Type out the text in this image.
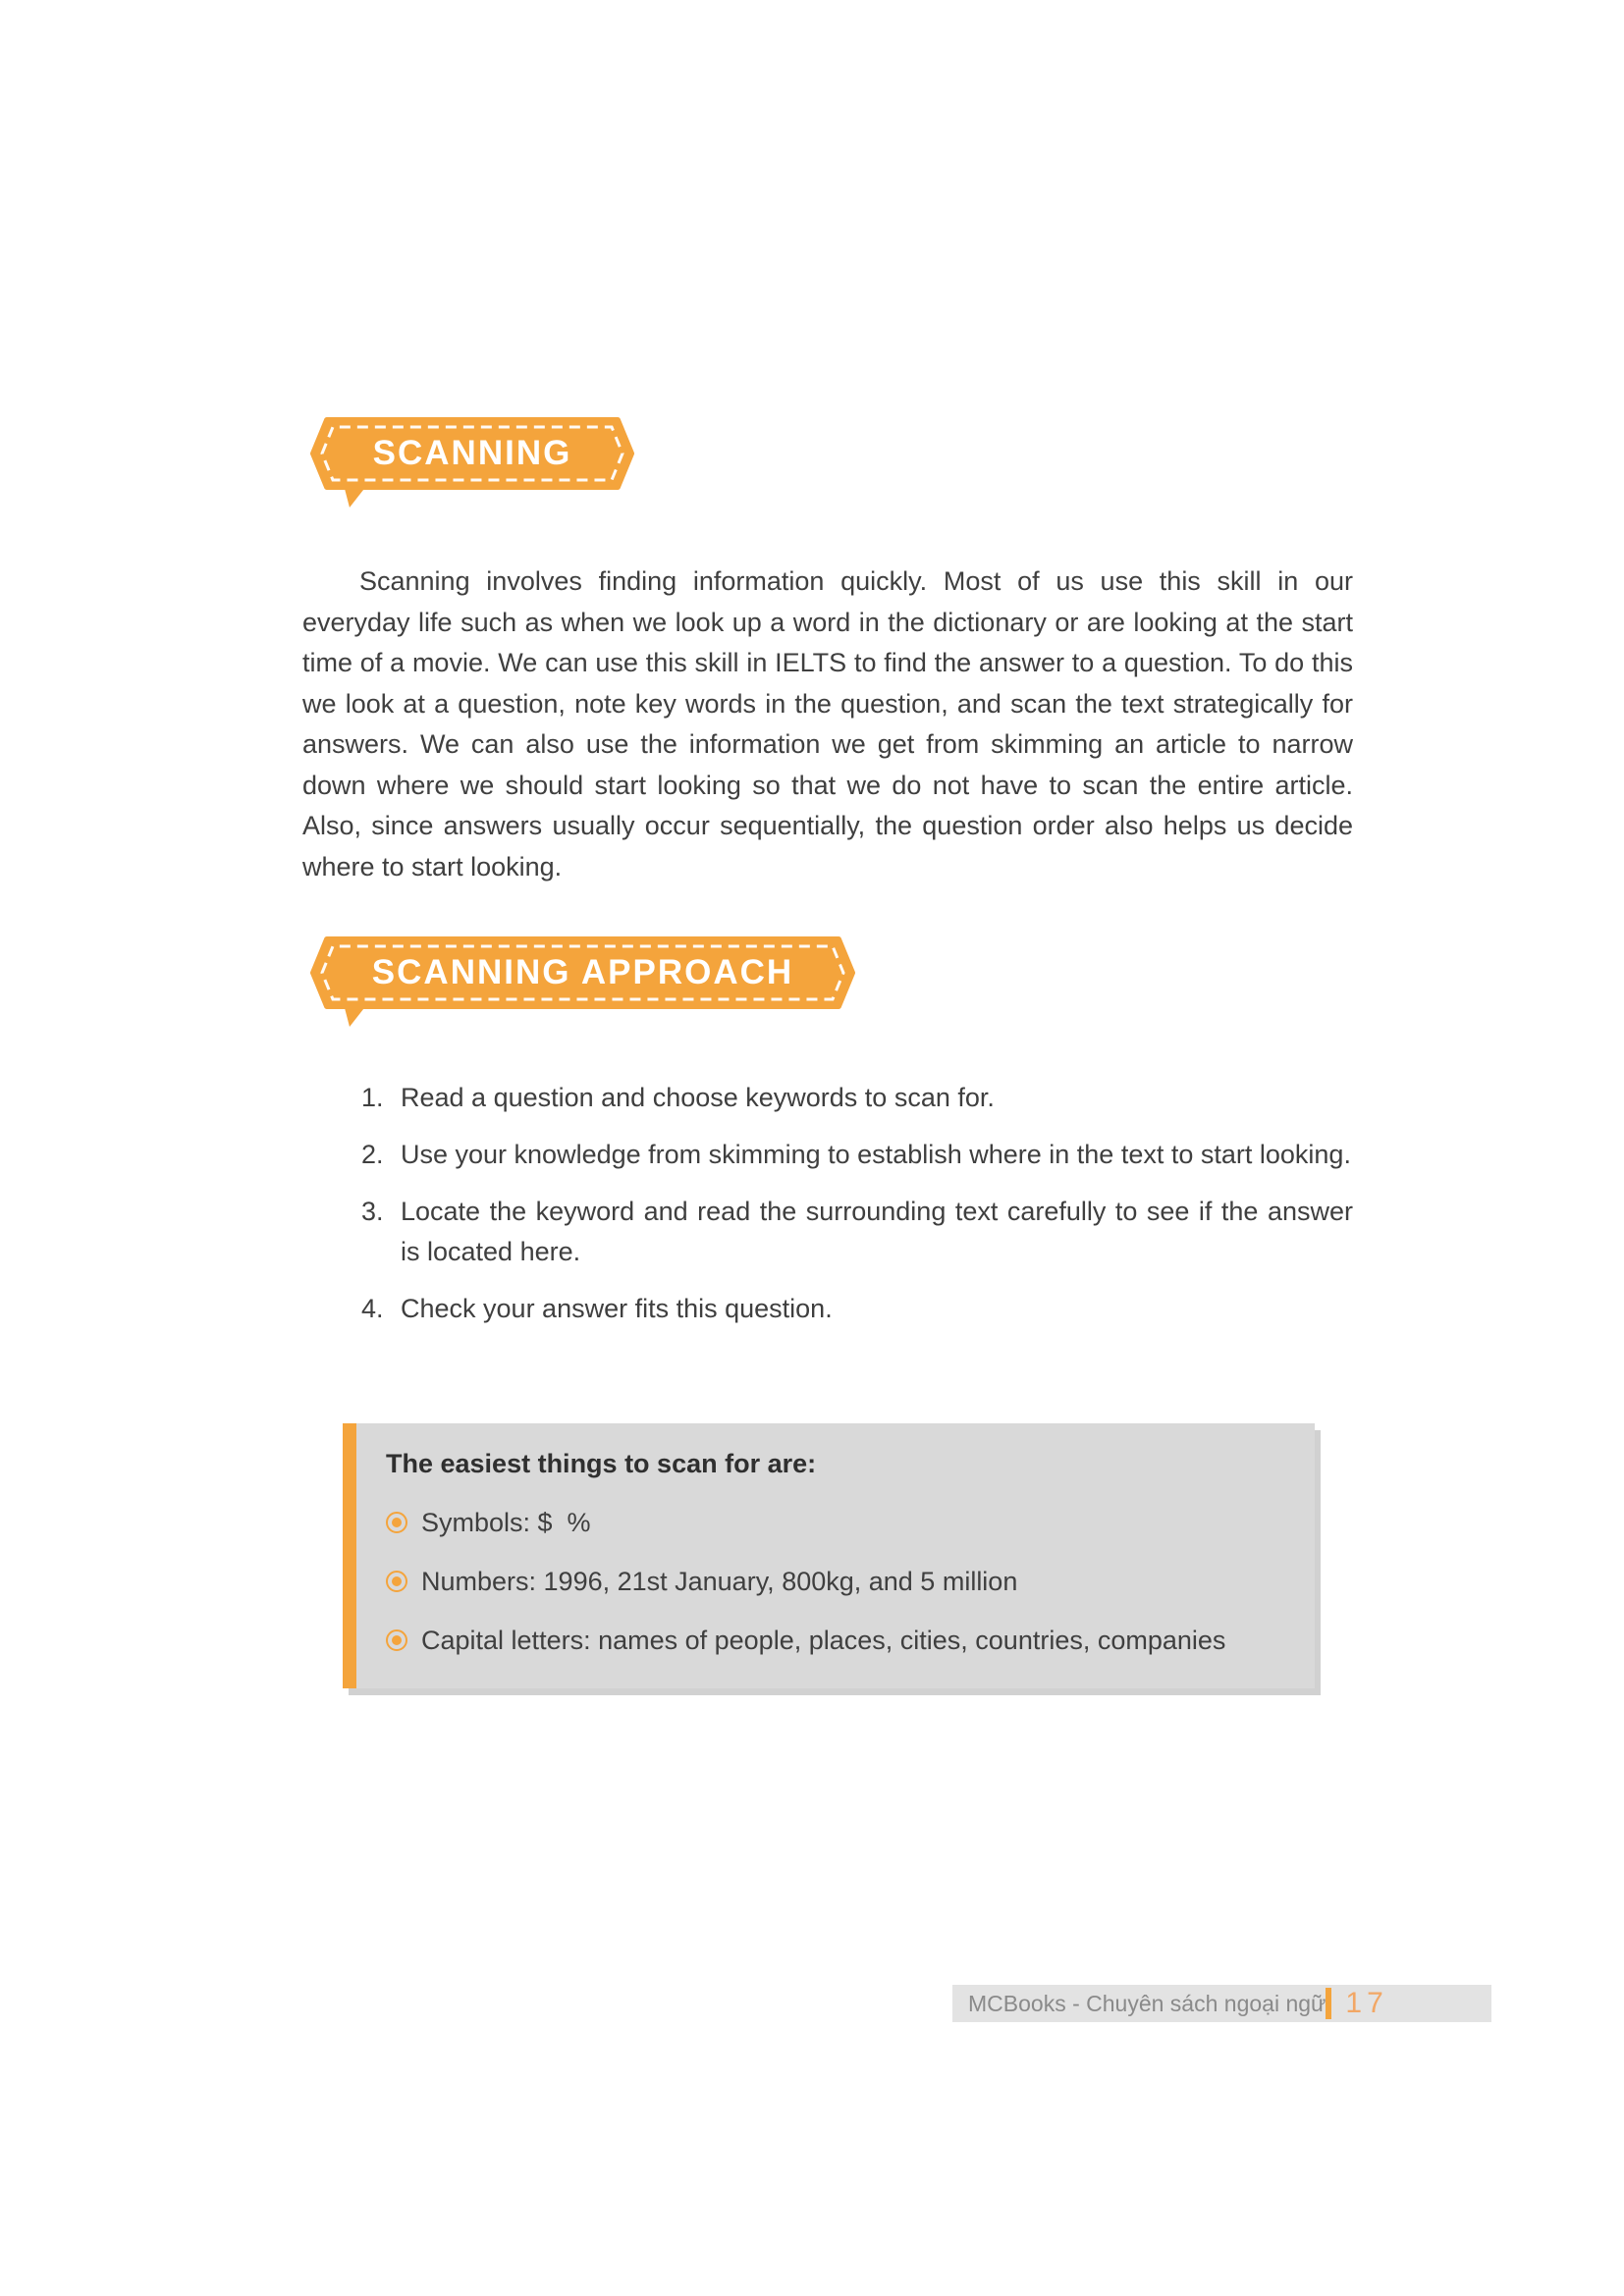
SCANNING

Scanning involves finding information quickly. Most of us use this skill in our everyday life such as when we look up a word in the dictionary or are looking at the start time of a movie. We can use this skill in IELTS to find the answer to a question. To do this we look at a question, note key words in the question, and scan the text strategically for answers. We can also use the information we get from skimming an article to narrow down where we should start looking so that we do not have to scan the entire article. Also, since answers usually occur sequentially, the question order also helps us decide where to start looking.

SCANNING APPROACH
1. Read a question and choose keywords to scan for.
2. Use your knowledge from skimming to establish where in the text to start looking.
3. Locate the keyword and read the surrounding text carefully to see if the answer is located here.
4. Check your answer fits this question.
The easiest things to scan for are:
Symbols: $  %
Numbers: 1996, 21st January, 800kg, and 5 million
Capital letters: names of people, places, cities, countries, companies
MCBooks - Chuyên sách ngoại ngữ 17
